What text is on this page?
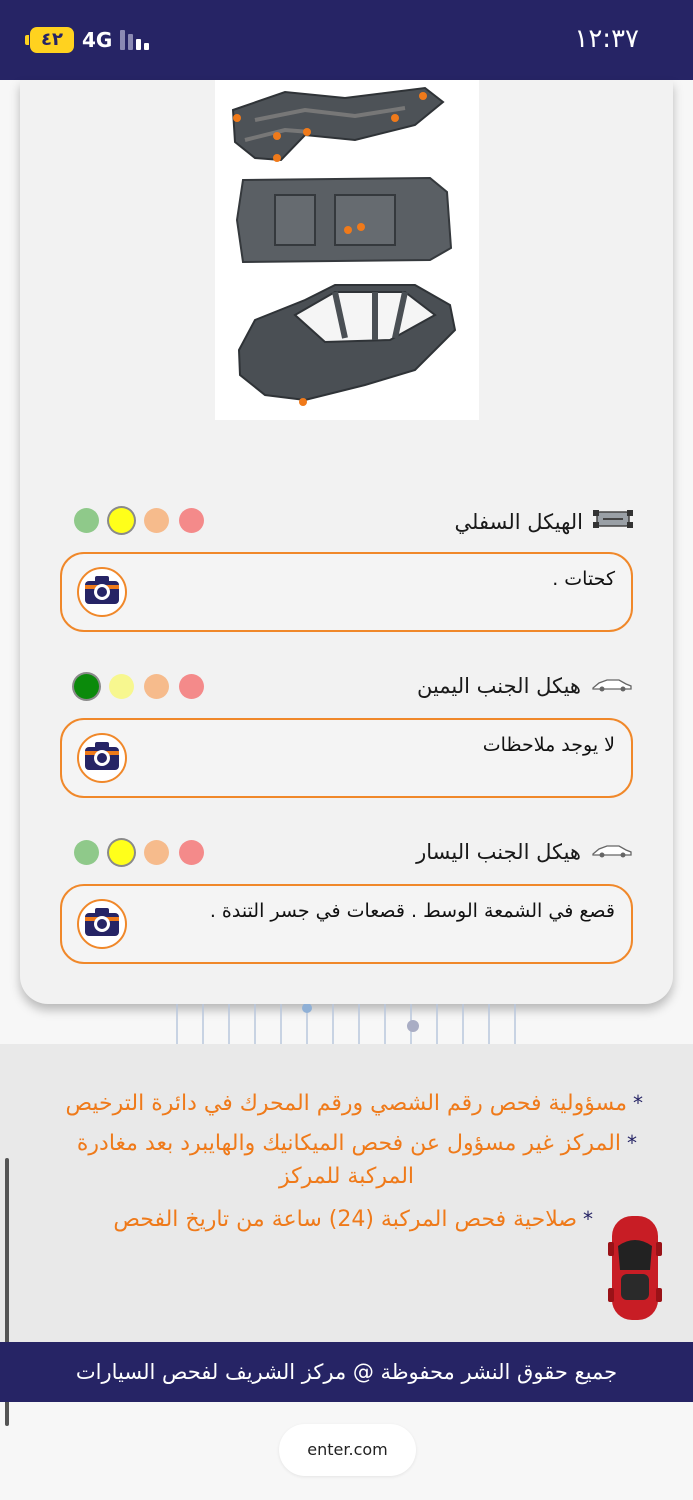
٤٢ 4G	١٢:٣٧
الهيكل السفلي
كحتات .
هيكل الجنب اليمين
لا يوجد ملاحظات
هيكل الجنب اليسار
قصع في الشمعة الوسط . قصعات في جسر التندة .
*مسؤولية فحص رقم الشصي ورقم المحرك في دائرة الترخيص
*المركز غير مسؤول عن فحص الميكانيك والهايبرد بعد مغادرة
المركبة للمركز
*صلاحية فحص المركبة (24) ساعة من تاريخ الفحص
جميع حقوق النشر محفوظة @ مركز الشريف لفحص السيارات
enter.com
